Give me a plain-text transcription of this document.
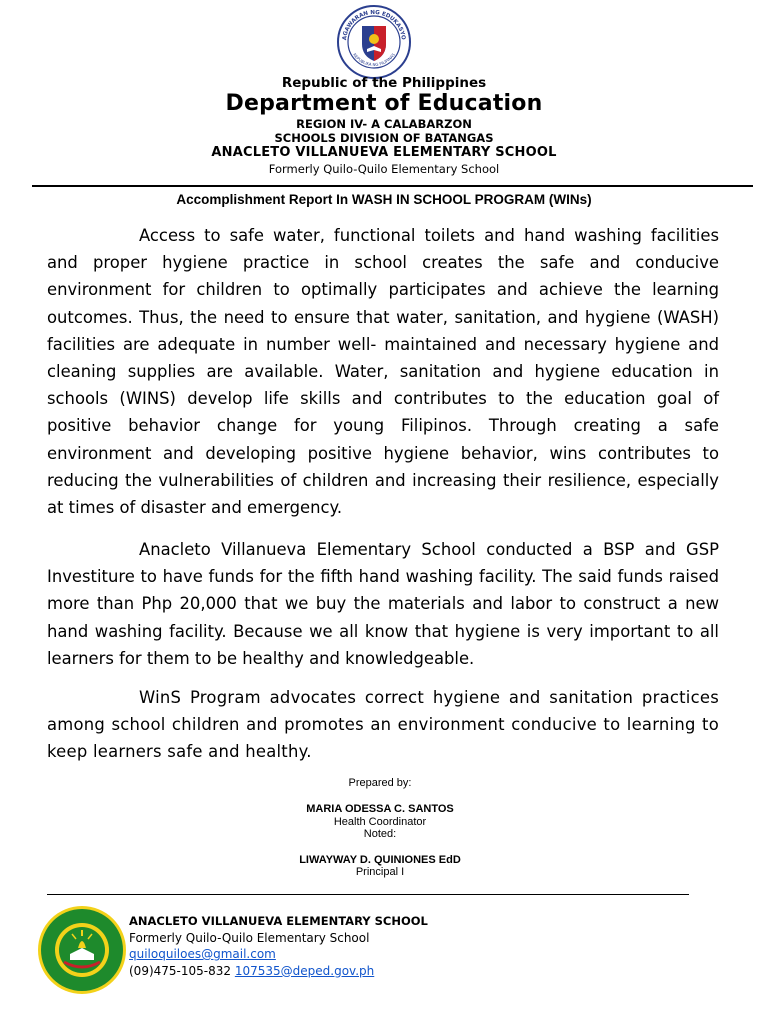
AGAWARAN NG EDUKASYO
REPUBLIKA NG PILIPINAS
Republic of the Philippines
Department of Education
REGION IV- A CALABARZON
SCHOOLS DIVISION OF BATANGAS
ANACLETO VILLANUEVA ELEMENTARY SCHOOL
Formerly Quilo-Quilo Elementary School
Accomplishment Report In WASH IN SCHOOL PROGRAM (WINs)

Access to safe water, functional toilets and hand washing facilities and proper hygiene practice in school creates the safe and conducive environment for children to optimally participates and achieve the learning outcomes. Thus, the need to ensure that water, sanitation, and hygiene (WASH) facilities are adequate in number well- maintained and necessary hygiene and cleaning supplies are available. Water, sanitation and hygiene education in schools (WINS) develop life skills and contributes to the education goal of positive behavior change for young Filipinos. Through creating a safe environment and developing positive hygiene behavior, wins contributes to reducing the vulnerabilities of children and increasing their resilience, especially at times of disaster and emergency.

Anacleto Villanueva Elementary School conducted a BSP and GSP Investiture to have funds for the fifth hand washing facility. The said funds raised more than Php 20,000 that we buy the materials and labor to construct a new hand washing facility. Because we all know that hygiene is very important to all learners for them to be healthy and knowledgeable.

WinS Program advocates correct hygiene and sanitation practices among school children and promotes an environment conducive to learning to keep learners safe and healthy.

Prepared by:
MARIA ODESSA C. SANTOS
Health Coordinator
Noted:
LIWAYWAY D. QUINIONES EdD
Principal I
ANACLETO VILLANUEVA ELEMENTARY SCHOOL
Formerly Quilo-Quilo Elementary School
quiloquiloes@gmail.com
(09)475-105-832 107535@deped.gov.ph
